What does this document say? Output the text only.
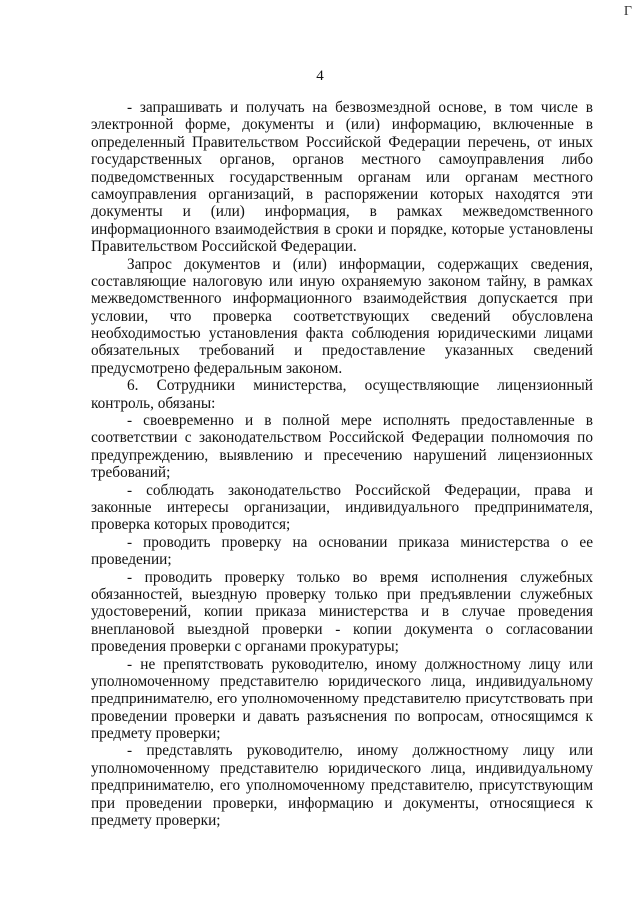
Γ
4
- запрашивать и получать на безвозмездной основе, в том числе в
электронной форме, документы и (или) информацию, включенные в
определенный Правительством Российской Федерации перечень, от иных
государственных органов, органов местного самоуправления либо
подведомственных государственным органам или органам местного
самоуправления организаций, в распоряжении которых находятся эти
документы и (или) информация, в рамках межведомственного
информационного взаимодействия в сроки и порядке, которые установлены
Правительством Российской Федерации.
Запрос документов и (или) информации, содержащих сведения,
составляющие налоговую или иную охраняемую законом тайну, в рамках
межведомственного информационного взаимодействия допускается при
условии, что проверка соответствующих сведений обусловлена
необходимостью установления факта соблюдения юридическими лицами
обязательных требований и предоставление указанных сведений
предусмотрено федеральным законом.
6. Сотрудники министерства, осуществляющие лицензионный
контроль, обязаны:
- своевременно и в полной мере исполнять предоставленные в
соответствии с законодательством Российской Федерации полномочия по
предупреждению, выявлению и пресечению нарушений лицензионных
требований;
- соблюдать законодательство Российской Федерации, права и
законные интересы организации, индивидуального предпринимателя,
проверка которых проводится;
- проводить проверку на основании приказа министерства о ее
проведении;
- проводить проверку только во время исполнения служебных
обязанностей, выездную проверку только при предъявлении служебных
удостоверений, копии приказа министерства и в случае проведения
внеплановой выездной проверки - копии документа о согласовании
проведения проверки с органами прокуратуры;
- не препятствовать руководителю, иному должностному лицу или
уполномоченному представителю юридического лица, индивидуальному
предпринимателю, его уполномоченному представителю присутствовать при
проведении проверки и давать разъяснения по вопросам, относящимся к
предмету проверки;
- представлять руководителю, иному должностному лицу или
уполномоченному представителю юридического лица, индивидуальному
предпринимателю, его уполномоченному представителю, присутствующим
при проведении проверки, информацию и документы, относящиеся к
предмету проверки;
